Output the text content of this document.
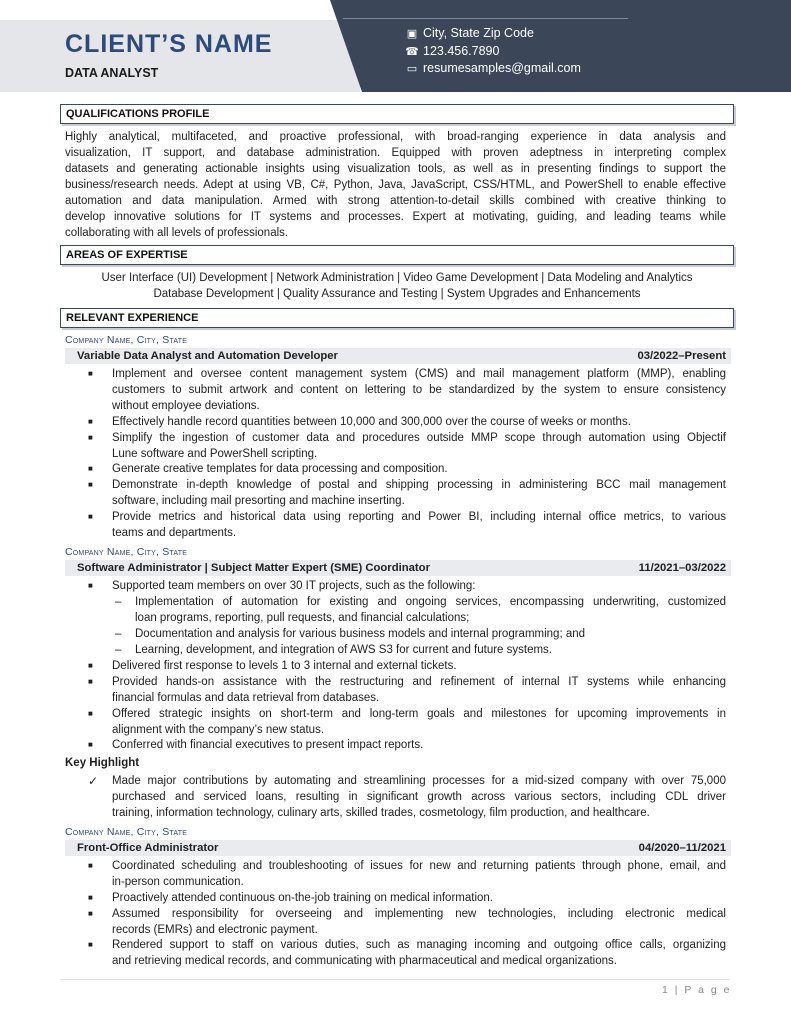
CLIENT’S NAME
DATA ANALYST
▣ City, State Zip Code
☎ 123.456.7890
▭ resumesamples@gmail.com
QUALIFICATIONS PROFILE
Highly analytical, multifaceted, and proactive professional, with broad-ranging experience in data analysis and
visualization, IT support, and database administration. Equipped with proven adeptness in interpreting complex
datasets and generating actionable insights using visualization tools, as well as in presenting findings to support the
business/research needs. Adept at using VB, C#, Python, Java, JavaScript, CSS/HTML, and PowerShell to enable effective
automation and data manipulation. Armed with strong attention-to-detail skills combined with creative thinking to
develop innovative solutions for IT systems and processes. Expert at motivating, guiding, and leading teams while
collaborating with all levels of professionals.
AREAS OF EXPERTISE
User Interface (UI) Development | Network Administration | Video Game Development | Data Modeling and Analytics
Database Development | Quality Assurance and Testing | System Upgrades and Enhancements
RELEVANT EXPERIENCE
Company Name, City, State
Variable Data Analyst and Automation Developer	03/2022–Present
■ Implement and oversee content management system (CMS) and mail management platform (MMP), enabling
customers to submit artwork and content on lettering to be standardized by the system to ensure consistency
without employee deviations.
■ Effectively handle record quantities between 10,000 and 300,000 over the course of weeks or months.
■ Simplify the ingestion of customer data and procedures outside MMP scope through automation using Objectif
Lune software and PowerShell scripting.
■ Generate creative templates for data processing and composition.
■ Demonstrate in-depth knowledge of postal and shipping processing in administering BCC mail management
software, including mail presorting and machine inserting.
■ Provide metrics and historical data using reporting and Power BI, including internal office metrics, to various
teams and departments.
Company Name, City, State
Software Administrator | Subject Matter Expert (SME) Coordinator	11/2021–03/2022
■ Supported team members on over 30 IT projects, such as the following:
– Implementation of automation for existing and ongoing services, encompassing underwriting, customized
loan programs, reporting, pull requests, and financial calculations;
– Documentation and analysis for various business models and internal programming; and
– Learning, development, and integration of AWS S3 for current and future systems.
■ Delivered first response to levels 1 to 3 internal and external tickets.
■ Provided hands-on assistance with the restructuring and refinement of internal IT systems while enhancing
financial formulas and data retrieval from databases.
■ Offered strategic insights on short-term and long-term goals and milestones for upcoming improvements in
alignment with the company’s new status.
■ Conferred with financial executives to present impact reports.
Key Highlight
✓ Made major contributions by automating and streamlining processes for a mid-sized company with over 75,000
purchased and serviced loans, resulting in significant growth across various sectors, including CDL driver
training, information technology, culinary arts, skilled trades, cosmetology, film production, and healthcare.
Company Name, City, State
Front-Office Administrator	04/2020–11/2021
■ Coordinated scheduling and troubleshooting of issues for new and returning patients through phone, email, and
in-person communication.
■ Proactively attended continuous on-the-job training on medical information.
■ Assumed responsibility for overseeing and implementing new technologies, including electronic medical
records (EMRs) and electronic payment.
■ Rendered support to staff on various duties, such as managing incoming and outgoing office calls, organizing
and retrieving medical records, and communicating with pharmaceutical and medical organizations.
1 | P a g e
